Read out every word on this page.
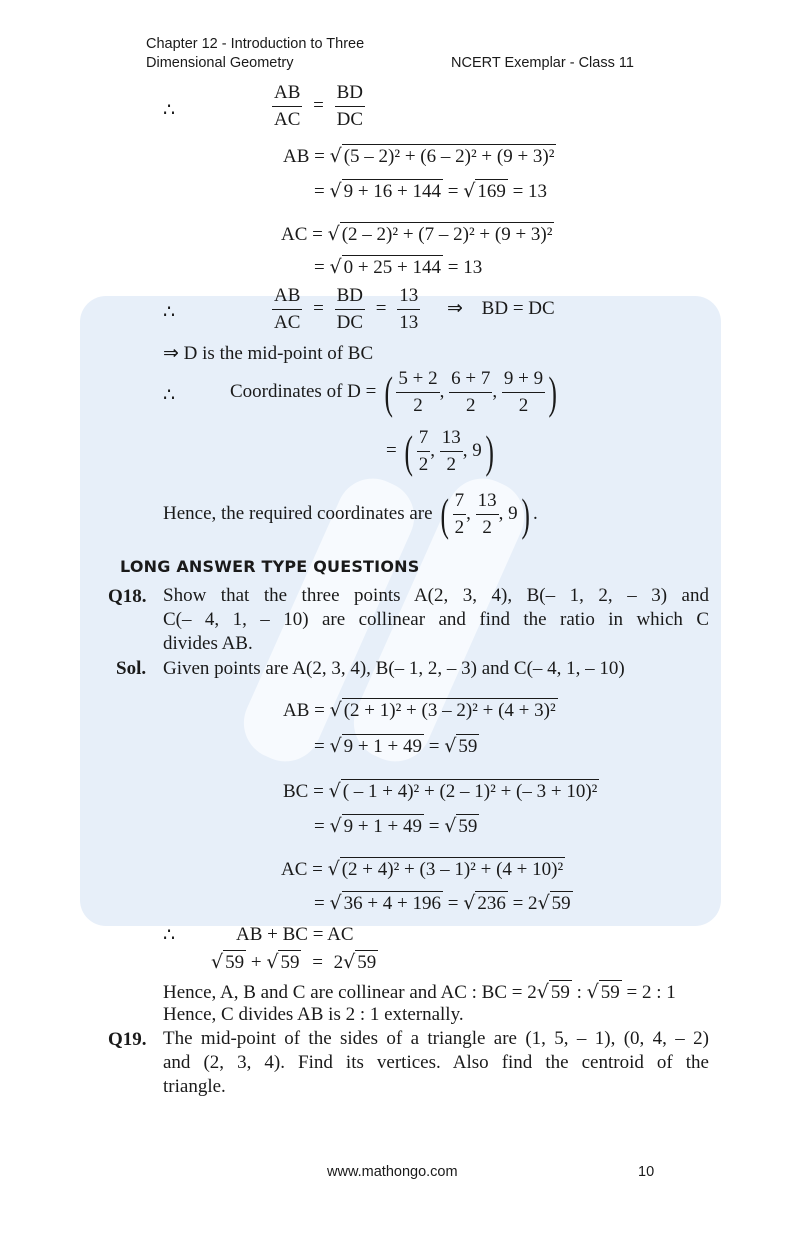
Chapter 12 - Introduction to Three
Dimensional Geometry	NCERT Exemplar - Class 11
∴	$\frac{AB}{AC} = \frac{BD}{DC}$
AB = √ (5 – 2)² + (6 – 2)² + (9 + 3)²
= √ 9 + 16 + 144 = √ 169 = 13
AC = √ (2 – 2)² + (7 – 2)² + (9 + 3)²
= √ 0 + 25 + 144 = 13
∴	$\frac{AB}{AC} = \frac{BD}{DC} = \frac{13}{13}$ ⇒ BD = DC
⇒ D is the mid-point of BC
∴	Coordinates of D = ( $\frac{5 + 2}{2}$ , $\frac{6 + 7}{2}$ , $\frac{9 + 9}{2}$ )
= ( $\frac{7}{2}$ , $\frac{13}{2}$ , 9)
Hence, the required coordinates are ( $\frac{7}{2}$ , $\frac{13}{2}$ , 9) .
LONG ANSWER TYPE QUESTIONS
Q18. Show that the three points A(2, 3, 4), B(– 1, 2, – 3) and
C(– 4, 1, – 10) are collinear and find the ratio in which C
divides AB.
Sol. Given points are A(2, 3, 4), B(– 1, 2, – 3) and C(– 4, 1, – 10)
AB = √ (2 + 1)² + (3 – 2)² + (4 + 3)²
= √ 9 + 1 + 49 = √ 59
BC = √ ( – 1 + 4)² + (2 – 1)² + (– 3 + 10)²
= √ 9 + 1 + 49 = √ 59
AC = √ (2 + 4)² + (3 – 1)² + (4 + 10)²
= √ 36 + 4 + 196 = √ 236 = 2√ 59
∴	AB + BC = AC
√ 59 + √ 59 = 2√ 59
Hence, A, B and C are collinear and AC : BC = 2√ 59 : √ 59 = 2 : 1
Hence, C divides AB is 2 : 1 externally.
Q19. The mid-point of the sides of a triangle are (1, 5, – 1), (0, 4, – 2)
and (2, 3, 4). Find its vertices. Also find the centroid of the
triangle.
www.mathongo.com	10
